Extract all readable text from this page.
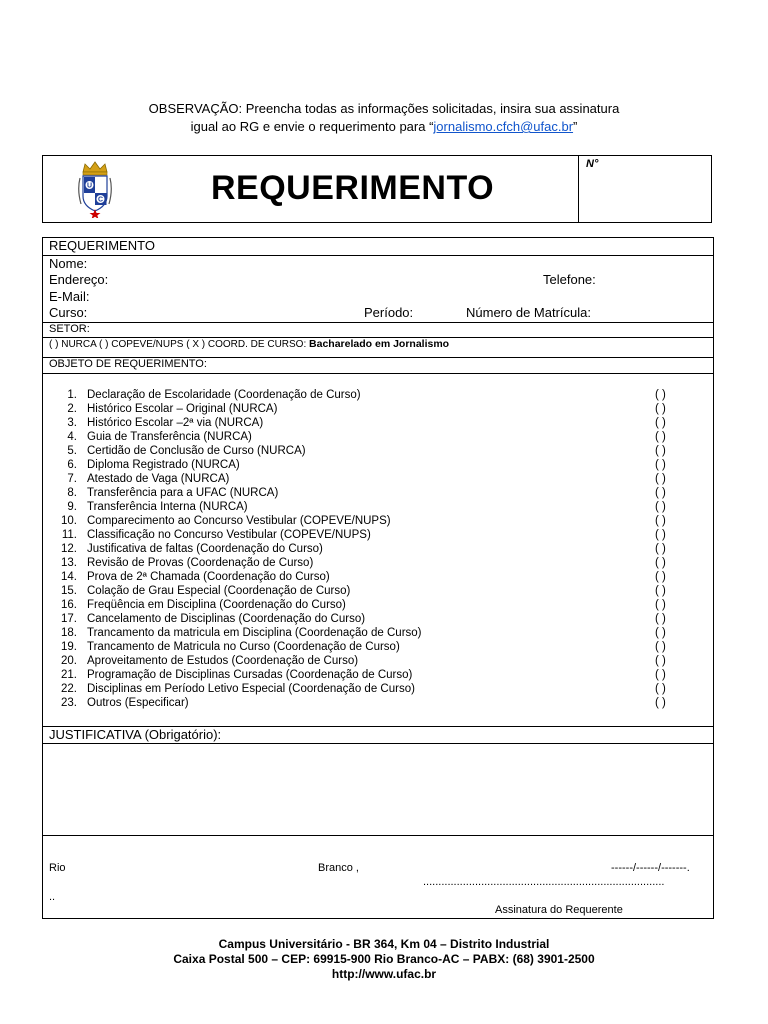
OBSERVAÇÃO: Preencha todas as informações solicitadas, insira sua assinatura
igual ao RG e envie o requerimento para “jornalismo.cfch@ufac.br”
U
C	REQUERIMENTO
N°
REQUERIMENTO
Nome:
Endereço:	Telefone:
E-Mail:
Curso:	Período:	Número de Matrícula:
SETOR:
( ) NURCA ( ) COPEVE/NUPS ( X ) COORD. DE CURSO: Bacharelado em Jornalismo
OBJETO DE REQUERIMENTO:
1. Declaração de Escolaridade (Coordenação de Curso)	( )
2. Histórico Escolar – Original (NURCA)	( )
3. Histórico Escolar –2ª via (NURCA)	( )
4. Guia de Transferência (NURCA)	( )
5. Certidão de Conclusão de Curso (NURCA)	( )
6. Diploma Registrado (NURCA)	( )
7. Atestado de Vaga (NURCA)	( )
8. Transferência para a UFAC (NURCA)	( )
9. Transferência Interna (NURCA)	( )
10. Comparecimento ao Concurso Vestibular (COPEVE/NUPS)	( )
11. Classificação no Concurso Vestibular (COPEVE/NUPS)	( )
12. Justificativa de faltas (Coordenação do Curso)	( )
13. Revisão de Provas (Coordenação de Curso)	( )
14. Prova de 2ª Chamada (Coordenação do Curso)	( )
15. Colação de Grau Especial (Coordenação de Curso)	( )
16. Freqüência em Disciplina (Coordenação do Curso)	( )
17. Cancelamento de Disciplinas (Coordenação do Curso)	( )
18. Trancamento da matricula em Disciplina (Coordenação de Curso)	( )
19. Trancamento de Matricula no Curso (Coordenação de Curso)	( )
20. Aproveitamento de Estudos (Coordenação de Curso)	( )
21. Programação de Disciplinas Cursadas (Coordenação de Curso)	( )
22. Disciplinas em Período Letivo Especial (Coordenação de Curso)	( )
23. Outros (Especificar)	( )
JUSTIFICATIVA (Obrigatório):
Rio	Branco ,	------/------/-------.
...............................................................................
..
Assinatura do Requerente
Campus Universitário - BR 364, Km 04 – Distrito Industrial
Caixa Postal 500 – CEP: 69915-900 Rio Branco-AC – PABX: (68) 3901-2500
http://www.ufac.br
